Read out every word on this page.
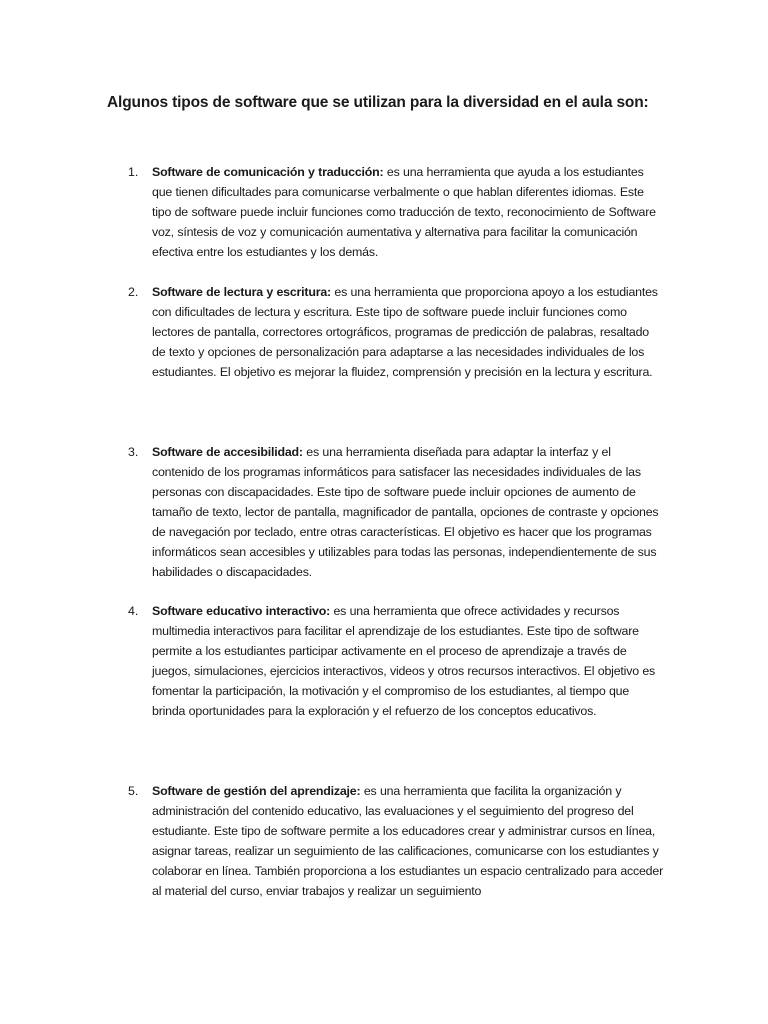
Algunos tipos de software que se utilizan para la diversidad en el aula son:
1.	Software de comunicación y traducción: es una herramienta que ayuda a los estudiantes que tienen dificultades para comunicarse verbalmente o que hablan diferentes idiomas. Este tipo de software puede incluir funciones como traducción de texto, reconocimiento de Software voz, síntesis de voz y comunicación aumentativa y alternativa para facilitar la comunicación efectiva entre los estudiantes y los demás.

2.	Software de lectura y escritura: es una herramienta que proporciona apoyo a los estudiantes con dificultades de lectura y escritura. Este tipo de software puede incluir funciones como lectores de pantalla, correctores ortográficos, programas de predicción de palabras, resaltado de texto y opciones de personalización para adaptarse a las necesidades individuales de los estudiantes. El objetivo es mejorar la fluidez, comprensión y precisión en la lectura y escritura.

3.	Software de accesibilidad: es una herramienta diseñada para adaptar la interfaz y el contenido de los programas informáticos para satisfacer las necesidades individuales de las personas con discapacidades. Este tipo de software puede incluir opciones de aumento de tamaño de texto, lector de pantalla, magnificador de pantalla, opciones de contraste y opciones de navegación por teclado, entre otras características. El objetivo es hacer que los programas informáticos sean accesibles y utilizables para todas las personas, independientemente de sus habilidades o discapacidades.

4.	Software educativo interactivo: es una herramienta que ofrece actividades y recursos multimedia interactivos para facilitar el aprendizaje de los estudiantes. Este tipo de software permite a los estudiantes participar activamente en el proceso de aprendizaje a través de juegos, simulaciones, ejercicios interactivos, videos y otros recursos interactivos. El objetivo es fomentar la participación, la motivación y el compromiso de los estudiantes, al tiempo que brinda oportunidades para la exploración y el refuerzo de los conceptos educativos.

5.	Software de gestión del aprendizaje: es una herramienta que facilita la organización y administración del contenido educativo, las evaluaciones y el seguimiento del progreso del estudiante. Este tipo de software permite a los educadores crear y administrar cursos en línea, asignar tareas, realizar un seguimiento de las calificaciones, comunicarse con los estudiantes y colaborar en línea. También proporciona a los estudiantes un espacio centralizado para acceder al material del curso, enviar trabajos y realizar un seguimiento
